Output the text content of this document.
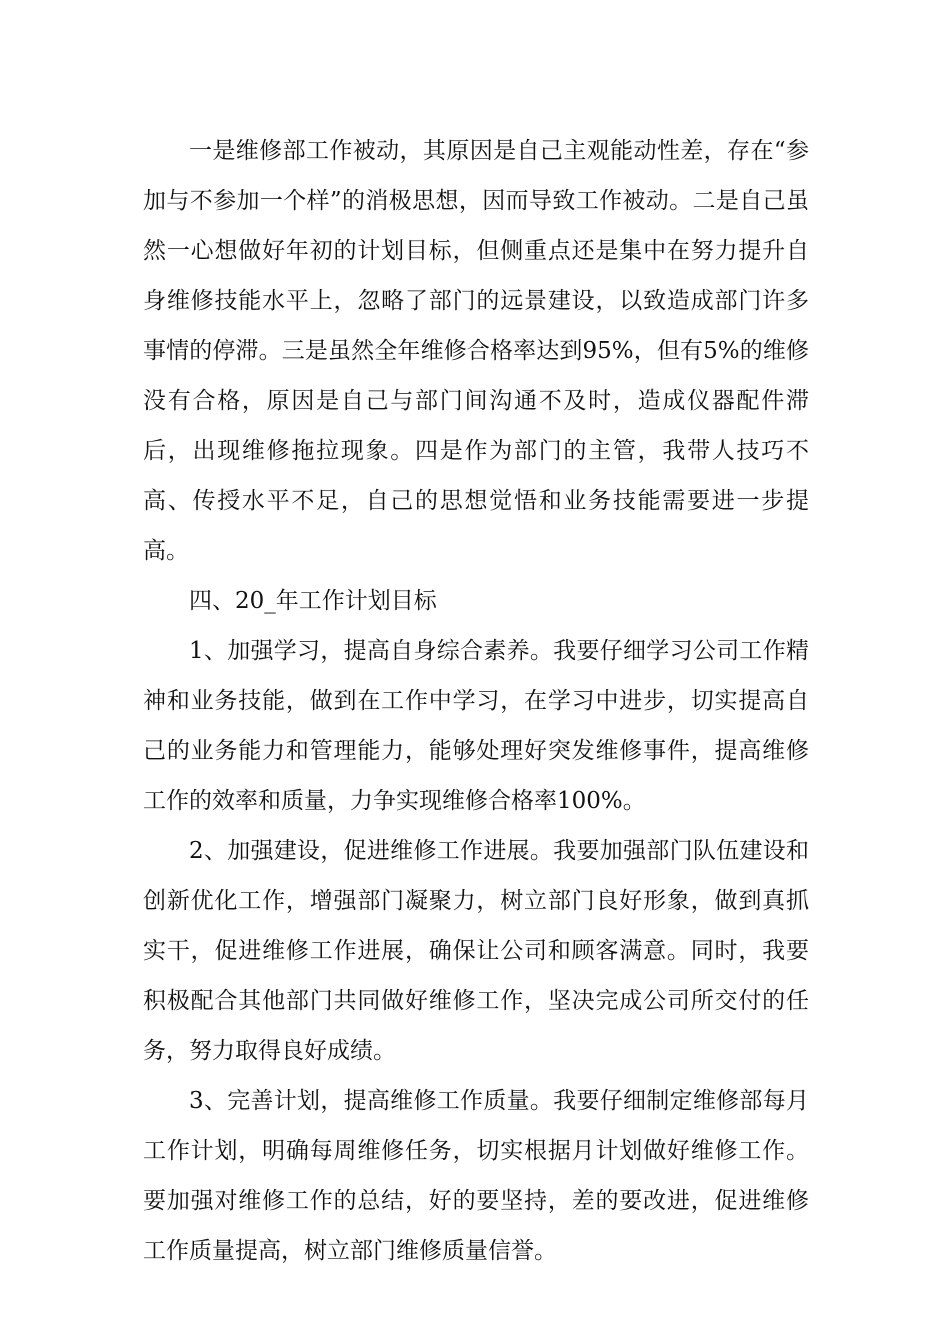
一是维修部工作被动，其原因是自己主观能动性差，存在“参加与不参加一个样”的消极思想，因而导致工作被动。二是自己虽然一心想做好年初的计划目标，但侧重点还是集中在努力提升自身维修技能水平上，忽略了部门的远景建设，以致造成部门许多事情的停滞。三是虽然全年维修合格率达到95%，但有5%的维修没有合格，原因是自己与部门间沟通不及时，造成仪器配件滞后，出现维修拖拉现象。四是作为部门的主管，我带人技巧不高、传授水平不足，自己的思想觉悟和业务技能需要进一步提高。

四、20_年工作计划目标

1、加强学习，提高自身综合素养。我要仔细学习公司工作精神和业务技能，做到在工作中学习，在学习中进步，切实提高自己的业务能力和管理能力，能够处理好突发维修事件，提高维修工作的效率和质量，力争实现维修合格率100%。

2、加强建设，促进维修工作进展。我要加强部门队伍建设和创新优化工作，增强部门凝聚力，树立部门良好形象，做到真抓实干，促进维修工作进展，确保让公司和顾客满意。同时，我要积极配合其他部门共同做好维修工作，坚决完成公司所交付的任务，努力取得良好成绩。

3、完善计划，提高维修工作质量。我要仔细制定维修部每月工作计划，明确每周维修任务，切实根据月计划做好维修工作。要加强对维修工作的总结，好的要坚持，差的要改进，促进维修工作质量提高，树立部门维修质量信誉。
